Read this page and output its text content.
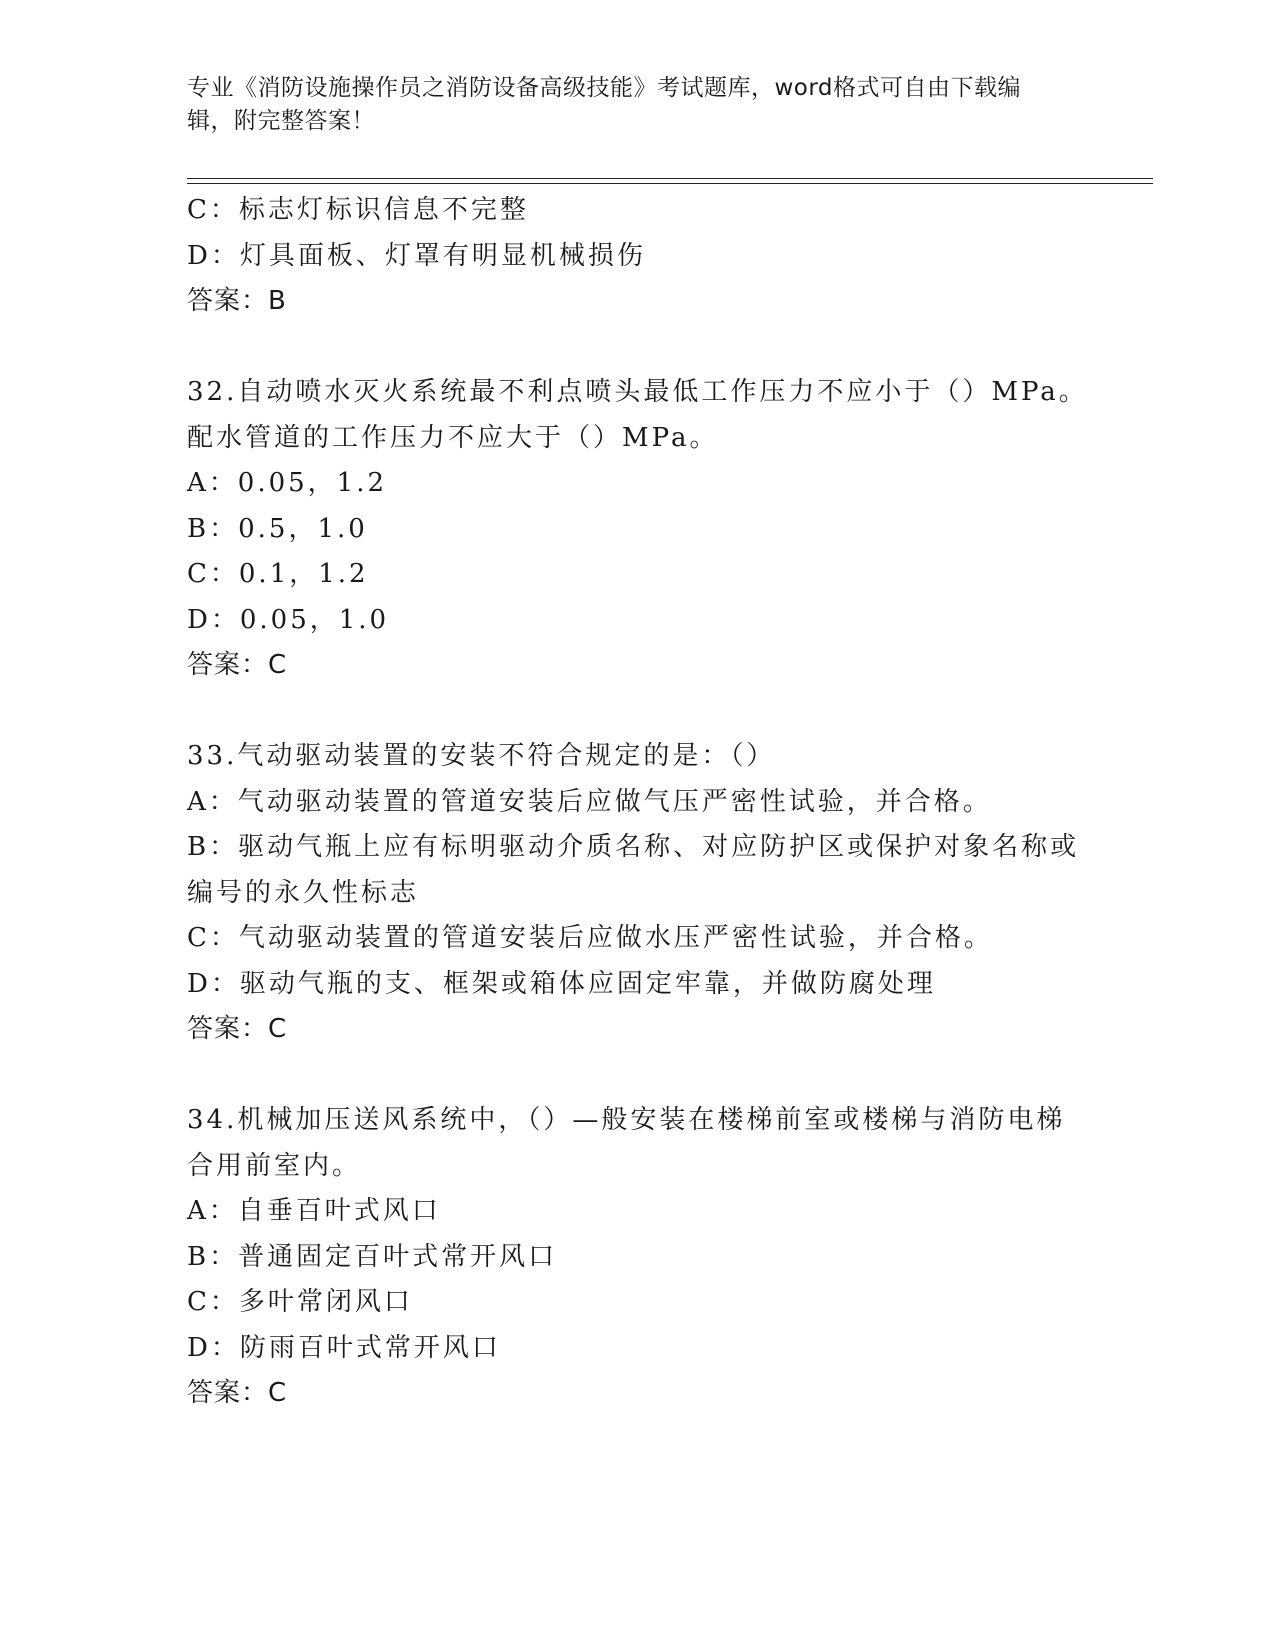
专业《消防设施操作员之消防设备高级技能》考试题库，word格式可自由下载编辑，附完整答案！
C：标志灯标识信息不完整
D：灯具面板、灯罩有明显机械损伤
答案：B
32.自动喷水灭火系统最不利点喷头最低工作压力不应小于（）MPa。
配水管道的工作压力不应大于（）MPa。
A：0.05，1.2
B：0.5，1.0
C：0.1，1.2
D：0.05，1.0
答案：C
33.气动驱动装置的安装不符合规定的是：（）
A：气动驱动装置的管道安装后应做气压严密性试验，并合格。
B：驱动气瓶上应有标明驱动介质名称、对应防护区或保护对象名称或
编号的永久性标志
C：气动驱动装置的管道安装后应做水压严密性试验，并合格。
D：驱动气瓶的支、框架或箱体应固定牢靠，并做防腐处理
答案：C
34.机械加压送风系统中，（）—般安装在楼梯前室或楼梯与消防电梯
合用前室内。
A：自垂百叶式风口
B：普通固定百叶式常开风口
C：多叶常闭风口
D：防雨百叶式常开风口
答案：C
